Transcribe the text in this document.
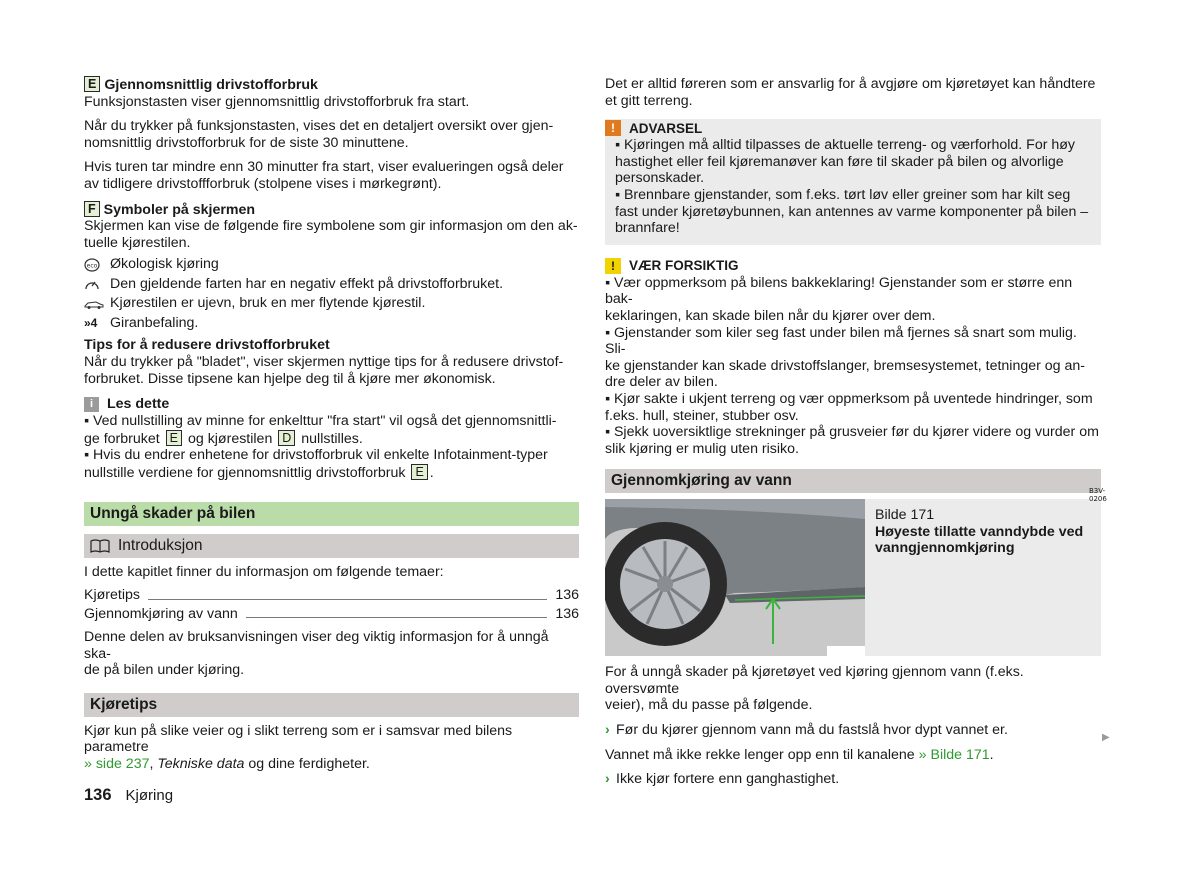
E Gjennomsnittlig drivstofforbruk

Funksjonstasten viser gjennomsnittlig drivstofforbruk fra start.

Når du trykker på funksjonstasten, vises det en detaljert oversikt over gjen-

nomsnittlig drivstofforbruk for de siste 30 minuttene.

Hvis turen tar mindre enn 30 minutter fra start, viser evalueringen også deler

av tidligere drivstoffforbruk (stolpene vises i mørkegrønt).

F Symboler på skjermen

Skjermen kan vise de følgende fire symbolene som gir informasjon om den ak-

tuelle kjørestilen.

eco Økologisk kjøring
Den gjeldende farten har en negativ effekt på drivstofforbruket.
Kjørestilen er ujevn, bruk en mer flytende kjørestil.
»4 Giranbefaling.

Tips for å redusere drivstofforbruket

Når du trykker på "bladet", viser skjermen nyttige tips for å redusere drivstof-

forbruket. Disse tipsene kan hjelpe deg til å kjøre mer økonomisk.

i Les dette

▪ Ved nullstilling av minne for enkelttur "fra start" vil også det gjennomsnittli-

ge forbruket E og kjørestilen D nullstilles.

▪ Hvis du endrer enhetene for drivstofforbruk vil enkelte Infotainment-typer

nullstille verdiene for gjennomsnittlig drivstofforbruk E .

Unngå skader på bilen
Introduksjon

I dette kapitlet finner du informasjon om følgende temaer:

Kjøretips	136
Gjennomkjøring av vann	136

Denne delen av bruksanvisningen viser deg viktig informasjon for å unngå ska-

de på bilen under kjøring.

Kjøretips

Kjør kun på slike veier og i slikt terreng som er i samsvar med bilens parametre

» side 237, Tekniske data og dine ferdigheter.

Det er alltid føreren som er ansvarlig for å avgjøre om kjøretøyet kan håndtere

et gitt terreng.

!	ADVARSEL

▪ Kjøringen må alltid tilpasses de aktuelle terreng- og værforhold. For høy

hastighet eller feil kjøremanøver kan føre til skader på bilen og alvorlige

personskader.

▪ Brennbare gjenstander, som f.eks. tørt løv eller greiner som har kilt seg

fast under kjøretøybunnen, kan antennes av varme komponenter på bilen –

brannfare!

!	VÆR FORSIKTIG

▪ Vær oppmerksom på bilens bakkeklaring! Gjenstander som er større enn bak-

keklaringen, kan skade bilen når du kjører over dem.

▪ Gjenstander som kiler seg fast under bilen må fjernes så snart som mulig. Sli-

ke gjenstander kan skade drivstoffslanger, bremsesystemet, tetninger og an-

dre deler av bilen.

▪ Kjør sakte i ukjent terreng og vær oppmerksom på uventede hindringer, som

f.eks. hull, steiner, stubber osv.

▪ Sjekk uoversiktlige strekninger på grusveier før du kjører videre og vurder om

slik kjøring er mulig uten risiko.

Gjennomkjøring av vann
B3V-0206

Bilde 171

Høyeste tillatte vanndybde ved

vanngjennomkjøring

For å unngå skader på kjøretøyet ved kjøring gjennom vann (f.eks. oversvømte

veier), må du passe på følgende.

› Før du kjører gjennom vann må du fastslå hvor dypt vannet er.

Vannet må ikke rekke lenger opp enn til kanalene » Bilde 171.

› Ikke kjør fortere enn ganghastighet.
▶
136 Kjøring
